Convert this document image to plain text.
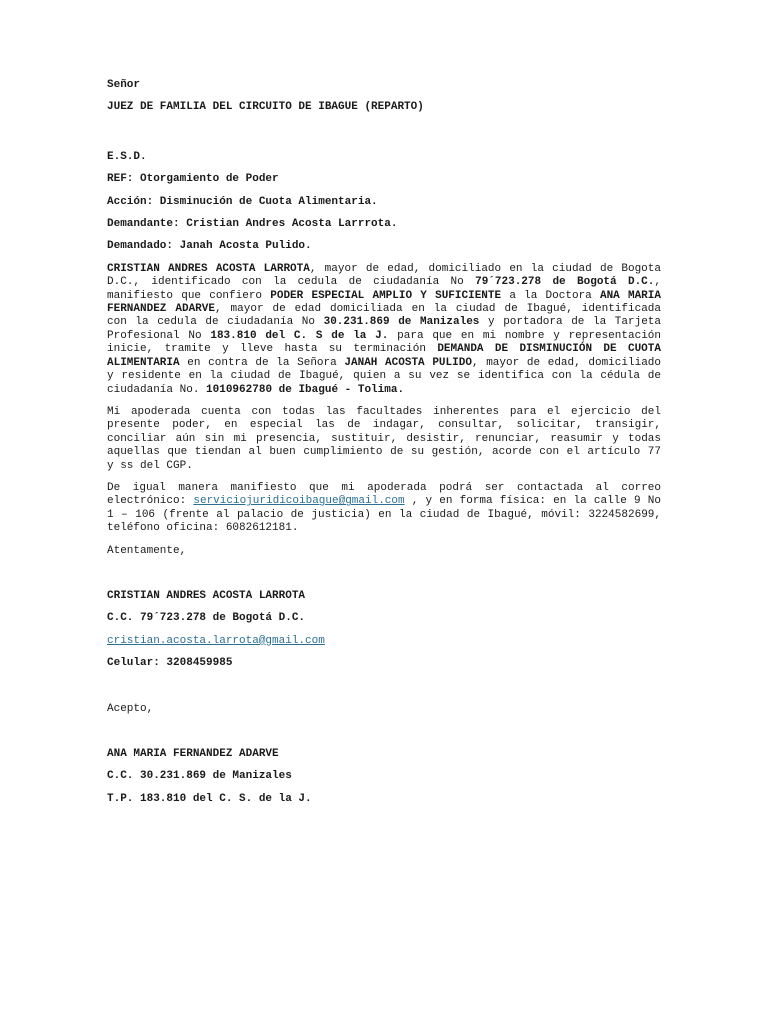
Señor

JUEZ DE FAMILIA DEL CIRCUITO DE IBAGUE (REPARTO)

E.S.D.

REF: Otorgamiento de Poder

Acción: Disminución de Cuota Alimentaria.

Demandante: Cristian Andres Acosta Larrrota.

Demandado: Janah Acosta Pulido.

CRISTIAN ANDRES ACOSTA LARROTA, mayor de edad, domiciliado en la ciudad de Bogota D.C., identificado con la cedula de ciudadanía No 79´723.278 de Bogotá D.C., manifiesto que confiero PODER ESPECIAL AMPLIO Y SUFICIENTE a la Doctora ANA MARIA FERNANDEZ ADARVE, mayor de edad domiciliada en la ciudad de Ibagué, identificada con la cedula de ciudadanía No 30.231.869 de Manizales y portadora de la Tarjeta Profesional No 183.810 del C. S de la J. para que en mi nombre y representación inicie, tramite y lleve hasta su terminación DEMANDA DE DISMINUCIÓN DE CUOTA ALIMENTARIA en contra de la Señora JANAH ACOSTA PULIDO, mayor de edad, domiciliado y residente en la ciudad de Ibagué, quien a su vez se identifica con la cédula de ciudadanía No. 1010962780 de Ibagué - Tolima.

Mi apoderada cuenta con todas las facultades inherentes para el ejercicio del presente poder, en especial las de indagar, consultar, solicitar, transigir, conciliar aún sin mi presencia, sustituir, desistir, renunciar, reasumir y todas aquellas que tiendan al buen cumplimiento de su gestión, acorde con el artículo 77 y ss del CGP.

De igual manera manifiesto que mi apoderada podrá ser contactada al correo electrónico: serviciojuridicoibague@gmail.com , y en forma física: en la calle 9 No 1 – 106 (frente al palacio de justicia) en la ciudad de Ibagué, móvil: 3224582699, teléfono oficina: 6082612181.

Atentamente,

CRISTIAN ANDRES ACOSTA LARROTA

C.C. 79´723.278 de Bogotá D.C.

cristian.acosta.larrota@gmail.com

Celular: 3208459985

Acepto,

ANA MARIA FERNANDEZ ADARVE

C.C. 30.231.869 de Manizales

T.P. 183.810 del C. S. de la J.
